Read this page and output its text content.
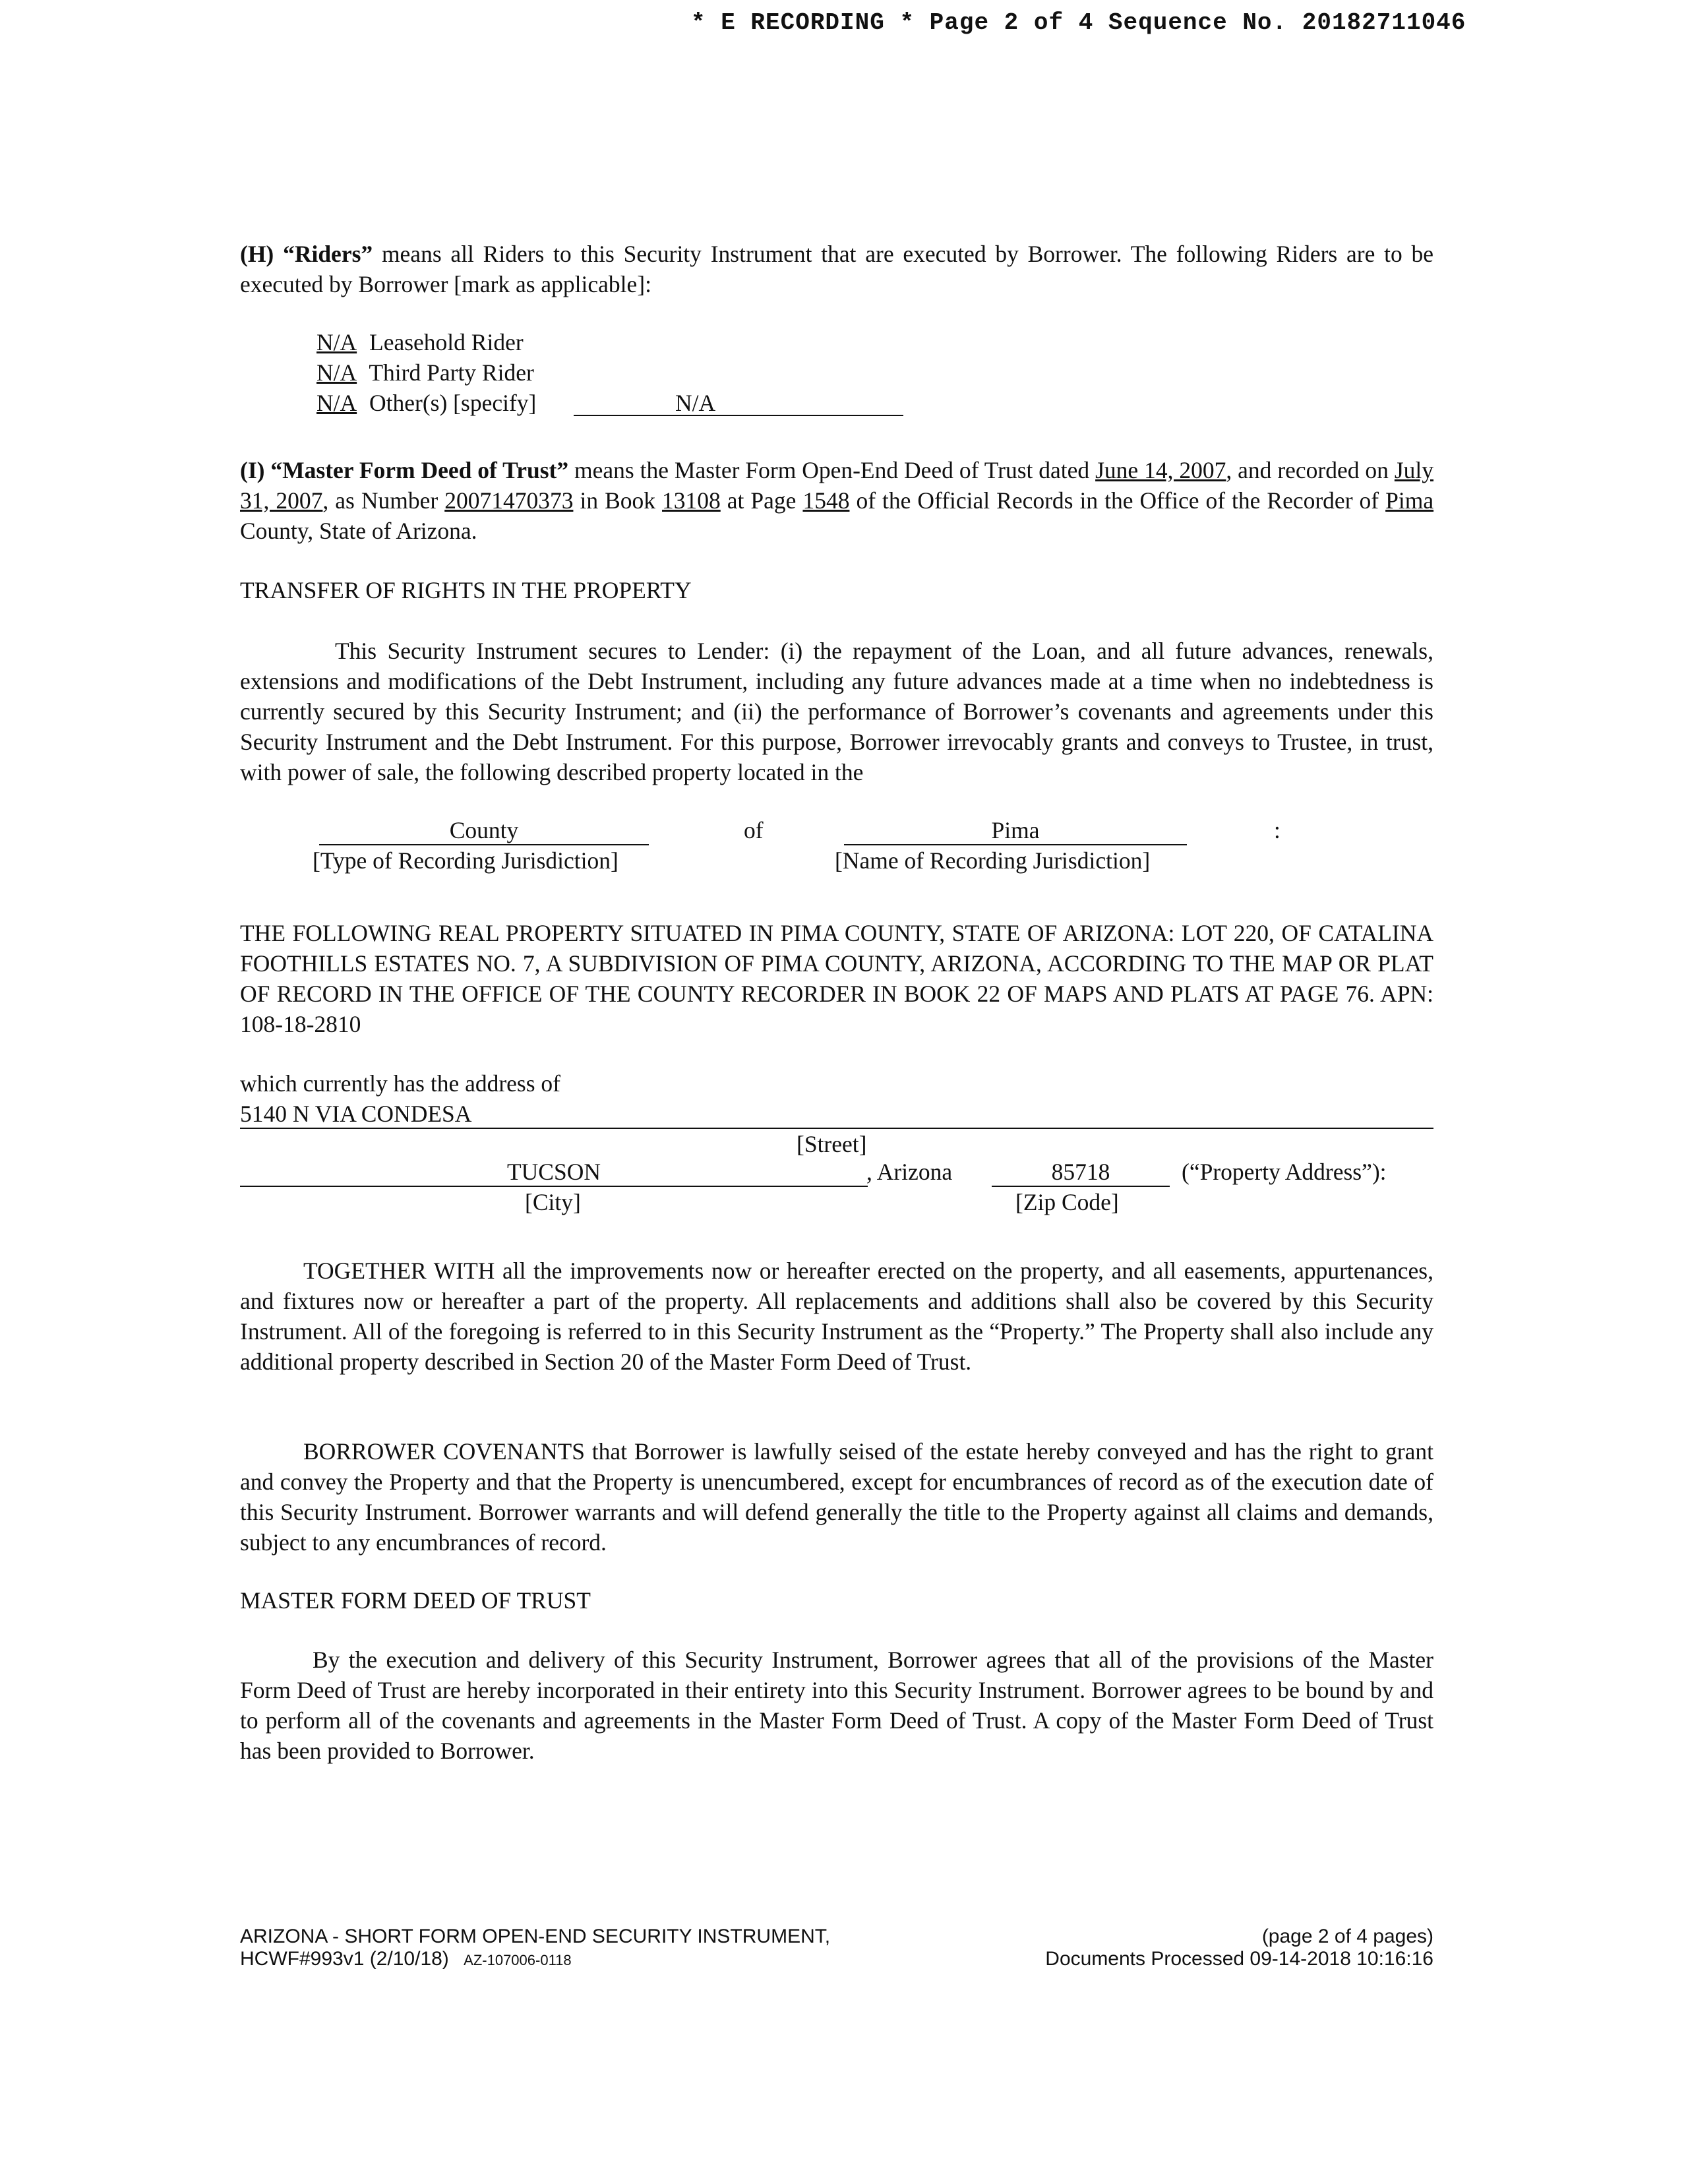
* E RECORDING * Page 2 of 4 Sequence No. 20182711046
(H) “Riders” means all Riders to this Security Instrument that are executed by Borrower. The following Riders are to be executed by Borrower [mark as applicable]:
N/A Leasehold Rider
N/A Third Party Rider
N/A Other(s) [specify]	N/A
(I) “Master Form Deed of Trust” means the Master Form Open-End Deed of Trust dated June 14, 2007, and recorded on July 31, 2007, as Number 20071470373 in Book 13108 at Page 1548 of the Official Records in the Office of the Recorder of Pima County, State of Arizona.
TRANSFER OF RIGHTS IN THE PROPERTY
This Security Instrument secures to Lender: (i) the repayment of the Loan, and all future advances, renewals, extensions and modifications of the Debt Instrument, including any future advances made at a time when no indebtedness is currently secured by this Security Instrument; and (ii) the performance of Borrower’s covenants and agreements under this Security Instrument and the Debt Instrument. For this purpose, Borrower irrevocably grants and conveys to Trustee, in trust, with power of sale, the following described property located in the
County	of	Pima	:
[Type of Recording Jurisdiction]	[Name of Recording Jurisdiction]
THE FOLLOWING REAL PROPERTY SITUATED IN PIMA COUNTY, STATE OF ARIZONA: LOT 220, OF CATALINA FOOTHILLS ESTATES NO. 7, A SUBDIVISION OF PIMA COUNTY, ARIZONA, ACCORDING TO THE MAP OR PLAT OF RECORD IN THE OFFICE OF THE COUNTY RECORDER IN BOOK 22 OF MAPS AND PLATS AT PAGE 76. APN: 108-18-2810
which currently has the address of
5140 N VIA CONDESA
[Street]
TUCSON	, Arizona	85718	(“Property Address”):
[City]	[Zip Code]
TOGETHER WITH all the improvements now or hereafter erected on the property, and all easements, appurtenances, and fixtures now or hereafter a part of the property. All replacements and additions shall also be covered by this Security Instrument. All of the foregoing is referred to in this Security Instrument as the “Property.” The Property shall also include any additional property described in Section 20 of the Master Form Deed of Trust.
BORROWER COVENANTS that Borrower is lawfully seised of the estate hereby conveyed and has the right to grant and convey the Property and that the Property is unencumbered, except for encumbrances of record as of the execution date of this Security Instrument. Borrower warrants and will defend generally the title to the Property against all claims and demands, subject to any encumbrances of record.
MASTER FORM DEED OF TRUST
By the execution and delivery of this Security Instrument, Borrower agrees that all of the provisions of the Master Form Deed of Trust are hereby incorporated in their entirety into this Security Instrument. Borrower agrees to be bound by and to perform all of the covenants and agreements in the Master Form Deed of Trust. A copy of the Master Form Deed of Trust has been provided to Borrower.
ARIZONA - SHORT FORM OPEN-END SECURITY INSTRUMENT,
HCWF#993v1 (2/10/18) AZ-107006-0118
(page 2 of 4 pages)
Documents Processed 09-14-2018 10:16:16
